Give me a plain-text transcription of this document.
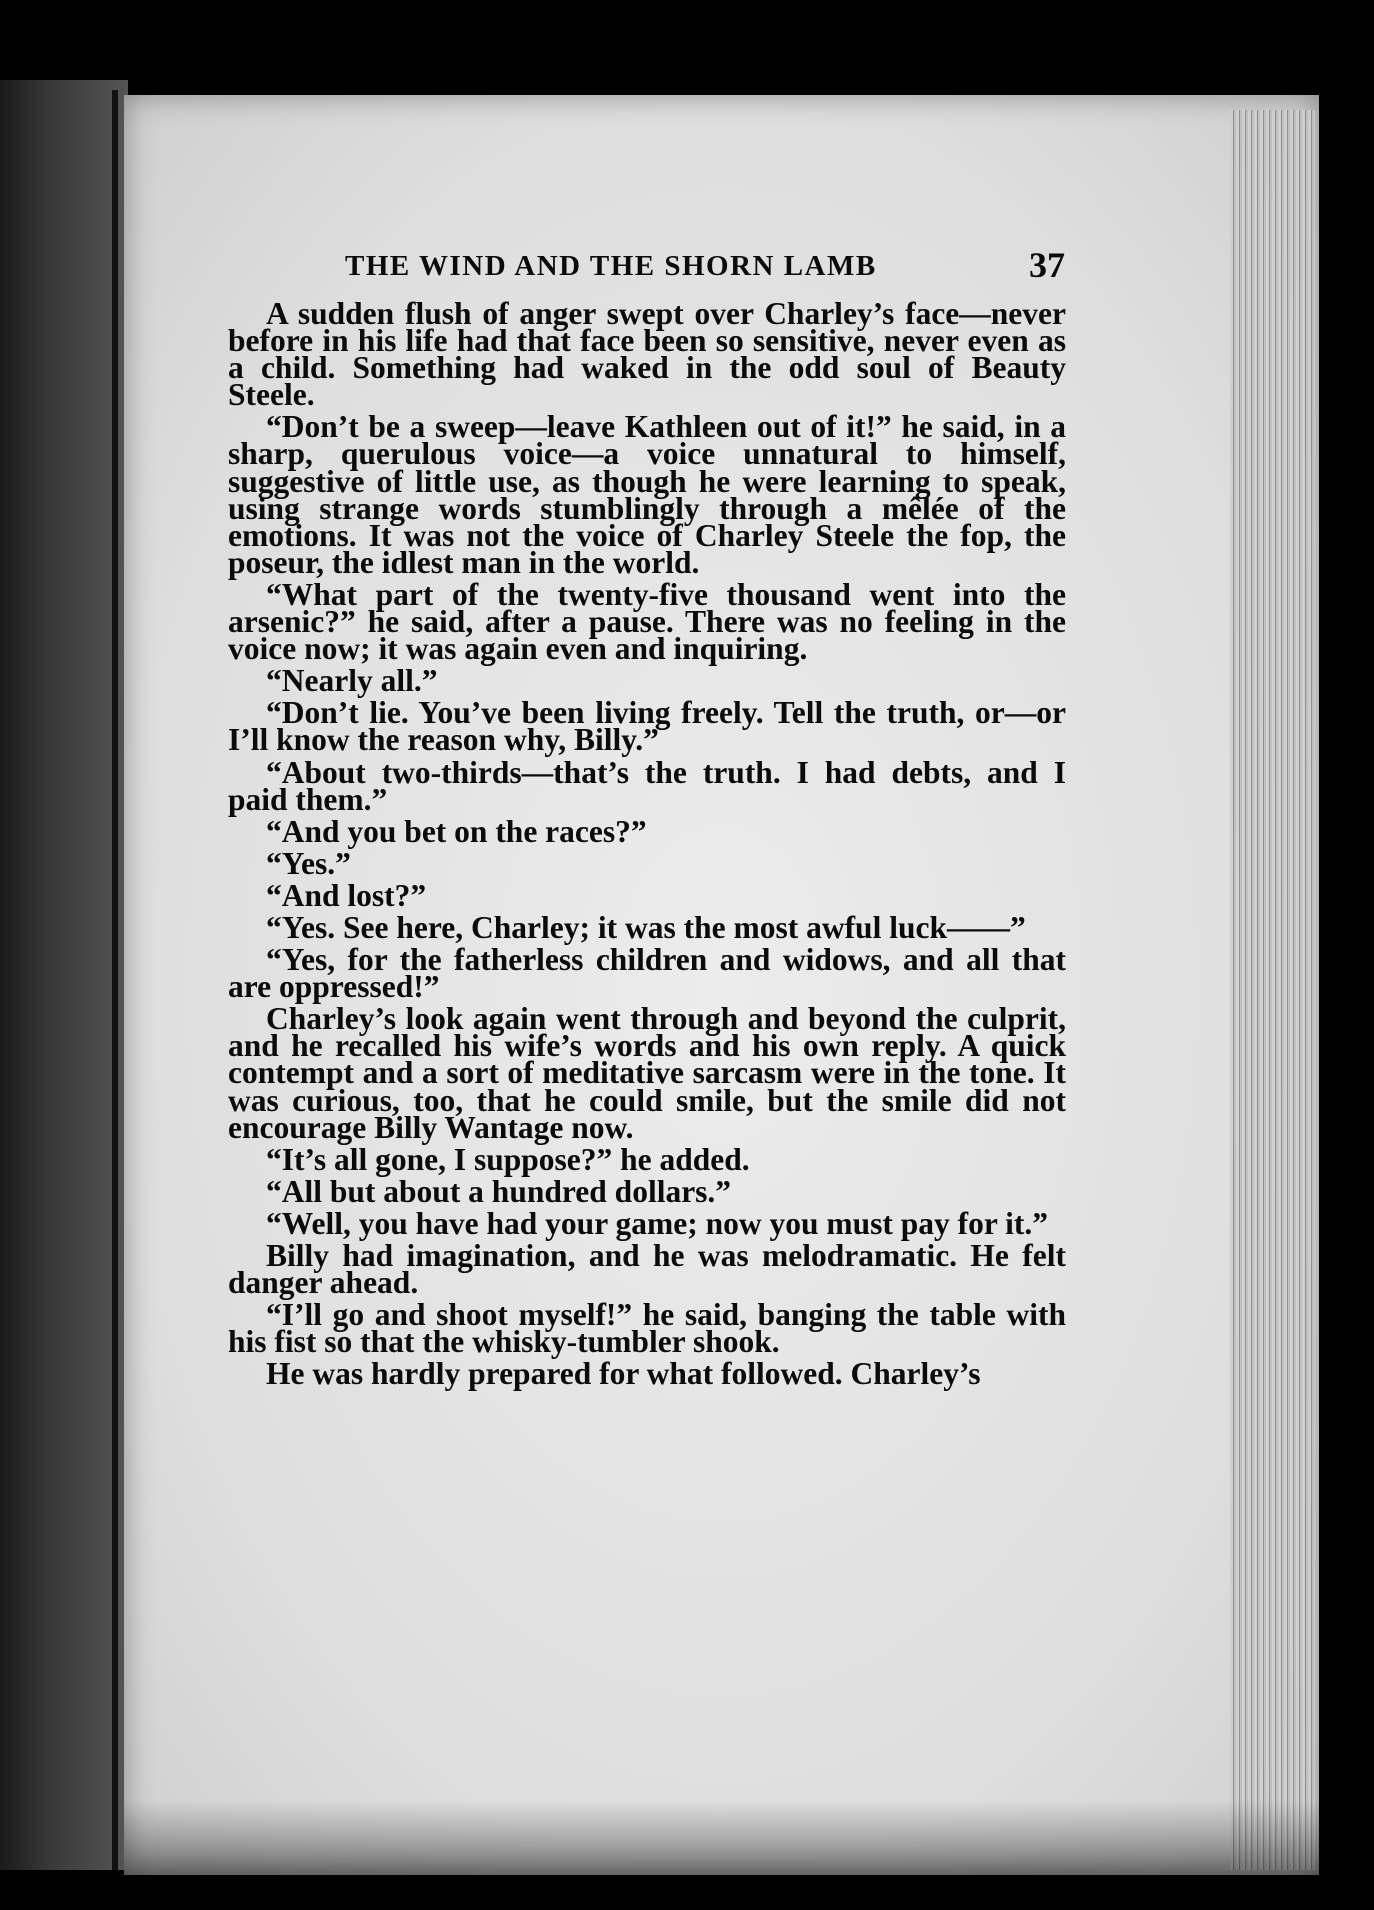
THE WIND AND THE SHORN LAMB	37

A sudden flush of anger swept over Charley’s face—never before in his life had that face been so sensitive, never even as a child. Something had waked in the odd soul of Beauty Steele.

“Don’t be a sweep—leave Kathleen out of it!” he said, in a sharp, querulous voice—a voice unnatural to himself, suggestive of little use, as though he were learning to speak, using strange words stumblingly through a mêlée of the emotions. It was not the voice of Charley Steele the fop, the poseur, the idlest man in the world.

“What part of the twenty-five thousand went into the arsenic?” he said, after a pause. There was no feeling in the voice now; it was again even and inquiring.

“Nearly all.”

“Don’t lie. You’ve been living freely. Tell the truth, or—or I’ll know the reason why, Billy.”

“About two-thirds—that’s the truth. I had debts, and I paid them.”

“And you bet on the races?”

“Yes.”

“And lost?”

“Yes. See here, Charley; it was the most awful luck——”

“Yes, for the fatherless children and widows, and all that are oppressed!”

Charley’s look again went through and beyond the culprit, and he recalled his wife’s words and his own reply. A quick contempt and a sort of meditative sarcasm were in the tone. It was curious, too, that he could smile, but the smile did not encourage Billy Wantage now.

“It’s all gone, I suppose?” he added.

“All but about a hundred dollars.”

“Well, you have had your game; now you must pay for it.”

Billy had imagination, and he was melodramatic. He felt danger ahead.

“I’ll go and shoot myself!” he said, banging the table with his fist so that the whisky-tumbler shook.

He was hardly prepared for what followed. Charley’s
